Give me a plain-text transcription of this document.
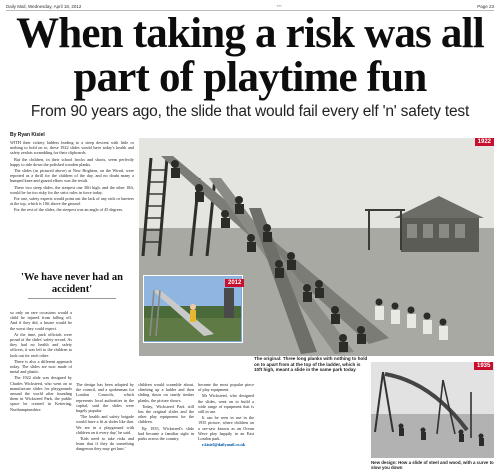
Daily Mail, Wednesday, April 18, 2012	***	Page 23
When taking a risk was all part of playtime fun
From 90 years ago, the slide that would fail every elf 'n' safety test
By Ryan Kisiel

WITH their rickety ladders leading to a steep descent with little or nothing to hold on to, these 1922 slides would have today's health and safety zealots scrambling for their clipboards.

But the children, in their school frocks and shorts, seem perfectly happy to ride down the polished wooden planks.

The slides (as pictured above) at New Brighton, on the Wirral, were reported as a thrill for the children of the day, and no doubt many a bumped knee and grazed elbow was the result.

These two steep slides, the steepest one 30ft high, and the other 18ft, would be far too risky for the strict rules in force today.

For one, safety experts would point out the lack of any rails or barriers at the top, which is 10ft above the ground.

For the rest of the slides, the steepest was an angle of 45 degrees.

'We have never had an accident'

so only on rare occasions would a child be injured from falling off. And if they did, a bruise would be the worst they could expect.

At the time, park officials were proud of the slides' safety record. As they had no health and safety officers, it was left to the children to look out for each other.

There is also a different approach today. The slides are now made of metal and plastic.

The 1922 slide was designed by Charles Wicksteed, who went on to manufacture slides for playgrounds around the world after founding them in Wicksteed Park, the public space he created in Kettering, Northamptonshire.

The design has been adopted by the council, and a spokesman for London Councils, which represents local authorities in the capital, said the slides were hugely popular.

'The health and safety brigade would have a fit at slides like that. We are in a playground with children on it every day,' he said.

'Kids need to take risks and learn that if they do something dangerous they may get hurt.'

children would scramble about, climbing up a ladder and then sliding down on sturdy timber planks, the picture shows.

Today, Wicksteed Park still has the original slides and the other play equipment for the children.

By 1935, Wicksteed's slide had become a familiar sight in parks across the country.

became the most popular piece of play equipment.

Mr Wicksteed, who designed the slides, went on to build a wide range of equipment that is still in use.

It can be seen in use in the 1935 picture, where children on a see-saw known as an Ocean Wave play happily in an East London park.

r.kisiel@dailymail.co.uk

1922
2012
The original: Three long planks with nothing to hold on to apart from at the top of the ladder, which is 10ft high, meant a slide in the same park today
1935
New design: How a slide of steel and wood, with a curve to slow you down
